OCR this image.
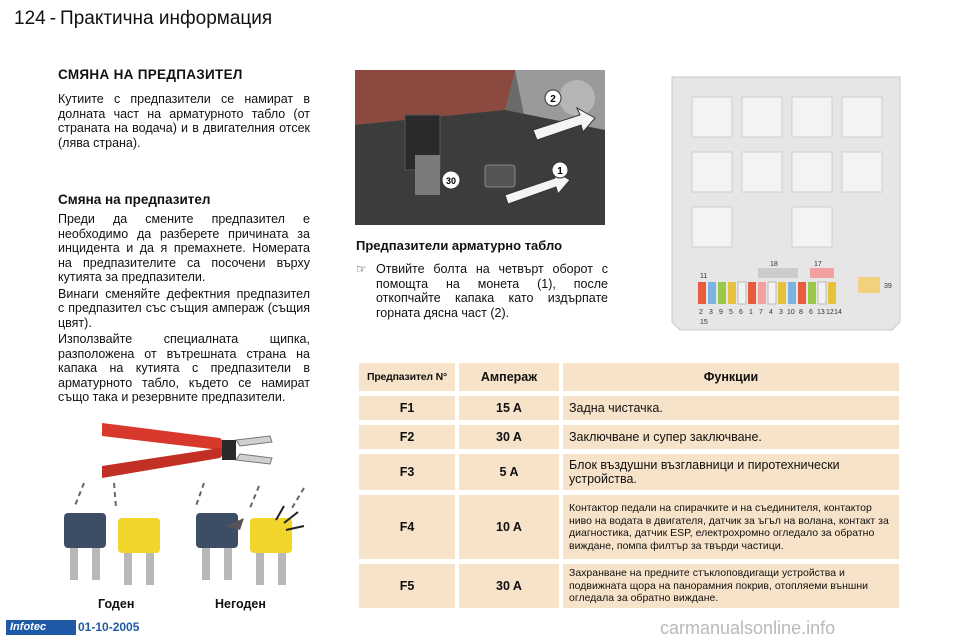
124 - Практична информация
СМЯНА НА ПРЕДПАЗИТЕЛ
Кутиите с предпазители се намират в долната част на арматурното табло (от страната на водача) и в двигателния отсек (лява страна).
Смяна на предпазител

Преди да смените предпазител е необходимо да разберете причината за инцидента и да я премахнете. Номерата на предпазителите са посочени върху кутията за предпазители.

Винаги сменяйте дефектния предпазител с предпазител със същия ампераж (същия цвят).

Използвайте специалната щипка, разположена от вътрешната страна на капака на кутията с предпазители в арматурното табло, където се намират също така и резервните предпазители.

2
1
30
11
18	17
39
2 3 9 5 6 1 7 4 3 10 8 6 13 12 14
15
Предпазители арматурно табло
☞ Отвийте болта на четвърт оборот с помощта на монета (1), после откопчайте капака като издърпате горната дясна част (2).
Предпазител N°	Ампераж	Функции
F1	15 A	Задна чистачка.
F2	30 A	Заключване и супер заключване.
F3	5 A	Блок въздушни възглавници и пиротехнически устройства.
F4	10 A	Контактор педали на спирачките и на съединителя, контактор ниво на водата в двигателя, датчик за ъгъл на волана, контакт за диагностика, датчик ESP, електрохромно огледало за обратно виждане, помпа филтър за твърди частици.
F5	30 A	Захранване на предните стъклоповдигащи устройства и подвижната щора на панорамния покрив, отопляеми външни огледала за обратно виждане.
Годен	Негоден
Infotec	01-10-2005	carmanualsonline.info
